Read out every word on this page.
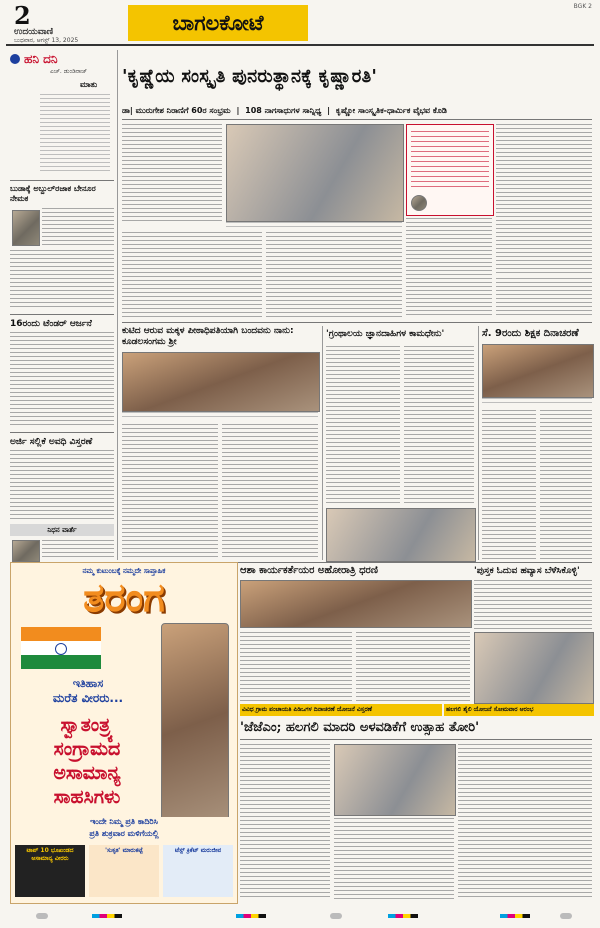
2
ಉದಯವಾಣಿ
ಬುಧವಾರ, ಆಗಸ್ಟ್ 13, 2025
ಬಾಗಲಕೋಟೆ
BGK 2
ಹನಿ ದನಿ
ಎಚ್. ಡುಂಡಿರಾಜ್
ಮಾತು
ಬುಡಾಕ್ಕೆ ಅಬ್ದುಲ್‌ರಜಾಕ ಬೇನೂರ ನೇಮಕ
16ರಂದು ಟೆಂಡರ್ ಆರ್ಜನೆ
ಅರ್ಜಿ ಸಲ್ಲಿಕೆ ಅವಧಿ ವಿಸ್ತರಣೆ
ನಿಧನ ವಾರ್ತೆ
'ಕೃಷ್ಣೆಯ ಸಂಸ್ಕೃತಿ ಪುನರುತ್ಥಾನಕ್ಕೆ ಕೃಷ್ಣಾರತಿ'
ಡಾ| ಮುರುಗೇಶ ನಿರಾಣಿಗೆ 60ರ ಸಂಭ್ರಮ | 108 ನಾಗಸಾಧುಗಳ ಸಾನ್ನಿಧ್ಯ | ಕೃಷ್ಣೋ ಸಾಂಸ್ಕೃತಿಕ-ಧಾರ್ಮಿಕ ವೈಭವ ಕೊಡಿ
ಕುಟಿದ ಆರುವ ಮಕ್ಕಳ ಪೀಠಾಧಿಪತಿಯಾಗಿ ಬಂದವನು ನಾನು: ಕೂಡಲಸಂಗಮ ಶ್ರೀ
'ಗ್ರಂಥಾಲಯ ಜ್ಞಾನದಾಹಿಗಳ ಕಾಮಧೇನು'	ಸೆ. 9ರಂದು ಶಿಕ್ಷಕ ದಿನಾಚರಣೆ
ಆಶಾ ಕಾರ್ಯಕರ್ತೆಯರ ಅಹೋರಾತ್ರಿ ಧರಣಿ	'ಪುಸ್ತಕ ಓದುವ ಹವ್ಯಾಸ ಬೆಳೆಸಿಕೊಳ್ಳಿ'
ನಮ್ಮ ಕುಟುಂಬಕ್ಕೆ ನಮ್ಮದೇ ಸಾಪ್ತಾಹಿಕ
ತರಂಗ
ಇತಿಹಾಸ
ಮರೆತ ವೀರರು...
ಸ್ವಾತಂತ್ರ್ಯ
ಸಂಗ್ರಾಮದ
ಅಸಾಮಾನ್ಯ
ಸಾಹಸಿಗಳು
ಇಂದೇ ನಿಮ್ಮ ಪ್ರತಿ ಕಾದಿರಿಸಿ
ಪ್ರತಿ ಶುಕ್ರವಾರ ಮಳಿಗೆಯಲ್ಲಿ
ಟಾಪ್ 10 ಭೂಖಂಡದ ಅಸಾಮಾನ್ಯ ವೀರರು
'ಸುಕೃತ' ಮಾರುಕಟ್ಟೆ	ಟೆಸ್ಟ್ ಕ್ರಿಕೆಟ್ ಮರುಜೀವ
ವಿವಿಧ ಗ್ರಾಮ ಪಂಚಾಯತಿ ಪಿಡಿಒಗಳ ದಿನಾಚರಣೆ ಯೋಜನೆ ವಿಸ್ತರಣೆ	ಹಲಗಲಿ ಶೈಲಿ ಯೋಜನೆ ಸೋಮವಾರ ಆರಂಭ
'ಜೆಜೆಎಂ; ಹಲಗಲಿ ಮಾದರಿ ಅಳವಡಿಕೆಗೆ ಉತ್ಸಾಹ ತೋರಿ'
